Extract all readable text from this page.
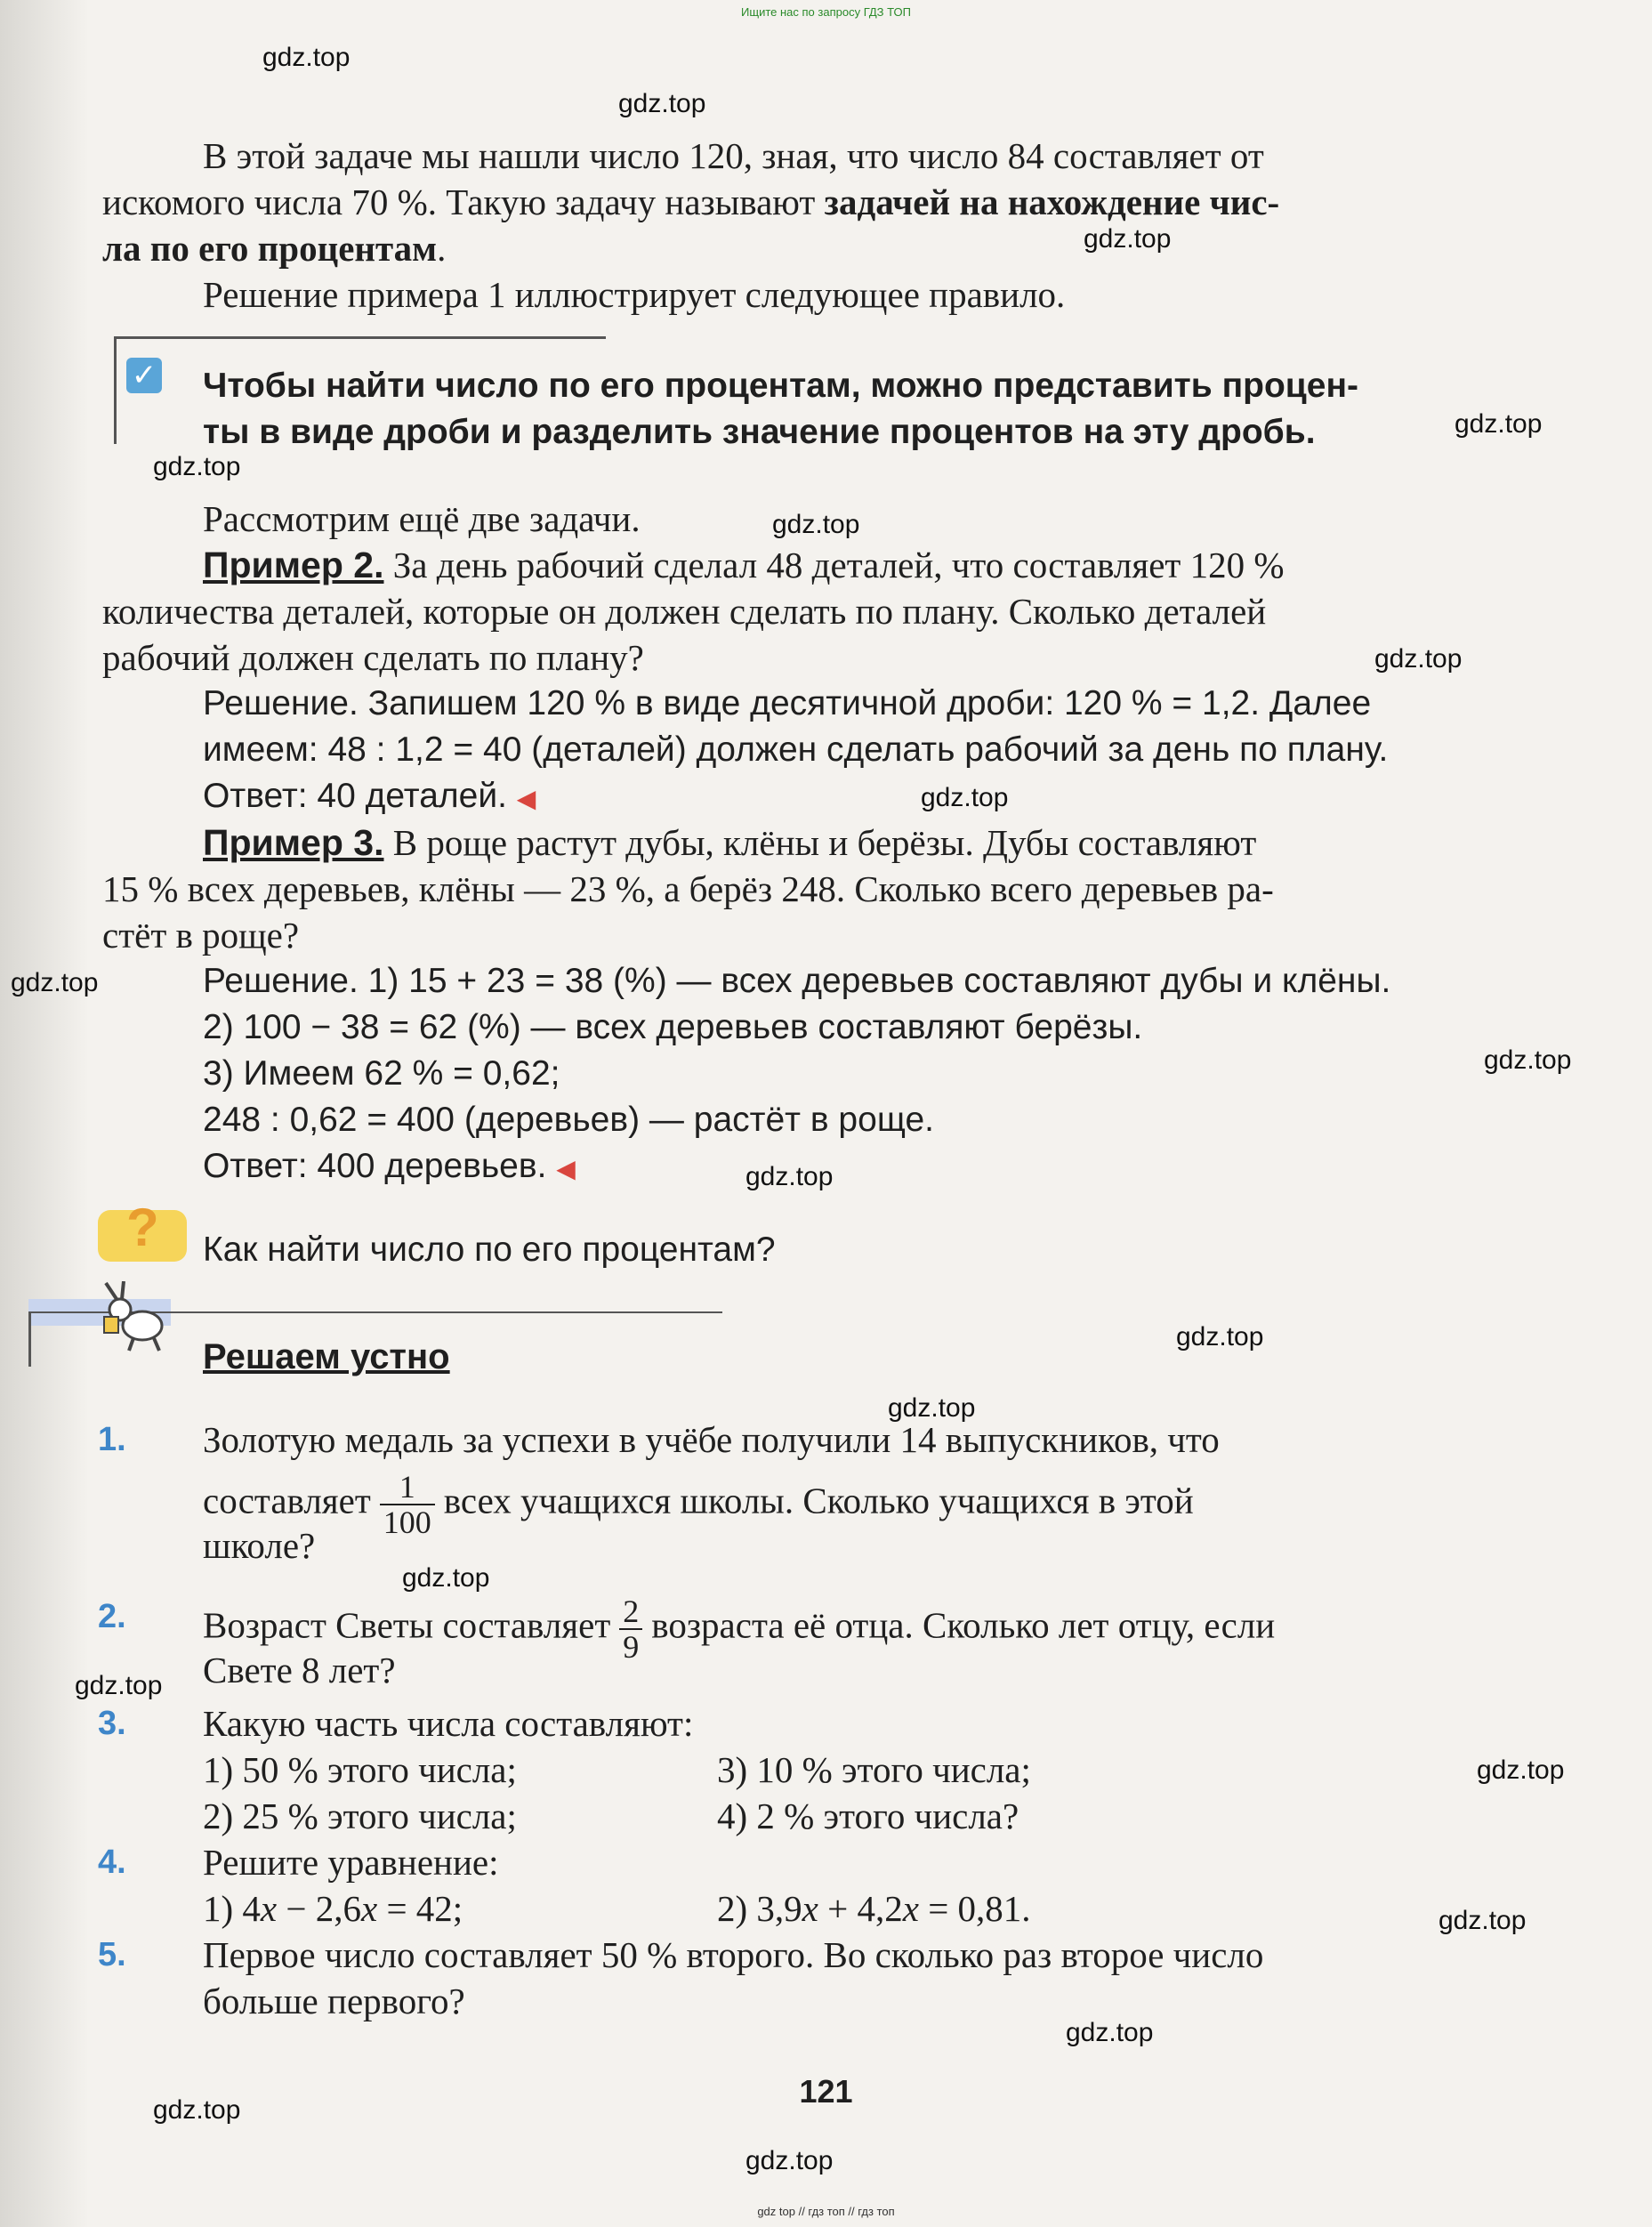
Ищите нас по запросу ГДЗ ТОП
gdz.top
gdz.top
gdz.top
gdz.top
gdz.top
gdz.top
gdz.top
gdz.top
gdz.top
gdz.top
gdz.top
gdz.top
gdz.top
gdz.top
gdz.top
gdz.top
gdz.top
gdz.top
gdz.top
gdz.top
В этой задаче мы нашли число 120, зная, что число 84 составляет от
искомого числа 70 %. Такую задачу называют задачей на нахождение чис-
ла по его процентам.
Решение примера 1 иллюстрирует следующее правило.
✓ Чтобы найти число по его процентам, можно представить процен-
ты в виде дроби и разделить значение процентов на эту дробь.
Рассмотрим ещё две задачи.
Пример 2. За день рабочий сделал 48 деталей, что составляет 120 %
количества деталей, которые он должен сделать по плану. Сколько деталей
рабочий должен сделать по плану?
Решение. Запишем 120 % в виде десятичной дроби: 120 % = 1,2. Далее
имеем: 48 : 1,2 = 40 (деталей) должен сделать рабочий за день по плану.
Ответ: 40 деталей. ◀
Пример 3. В роще растут дубы, клёны и берёзы. Дубы составляют
15 % всех деревьев, клёны — 23 %, а берёз 248. Сколько всего деревьев ра-
стёт в роще?
Решение. 1) 15 + 23 = 38 (%) — всех деревьев составляют дубы и клёны.
2) 100 − 38 = 62 (%) — всех деревьев составляют берёзы.
3) Имеем 62 % = 0,62;
248 : 0,62 = 400 (деревьев) — растёт в роще.
Ответ: 400 деревьев. ◀
? Как найти число по его процентам?
Решаем устно
1. Золотую медаль за успехи в учёбе получили 14 выпускников, что
составляет $\frac{1}{100}$ всех учащихся школы. Сколько учащихся в этой
школе?
2. Возраст Светы составляет $\frac{2}{9}$ возраста её отца. Сколько лет отцу, если
Свете 8 лет?
3. Какую часть числа составляют:
1) 50 % этого числа;	3) 10 % этого числа;
2) 25 % этого числа;	4) 2 % этого числа?
4. Решите уравнение:
1) 4x − 2,6x = 42;	2) 3,9x + 4,2x = 0,81.
5. Первое число составляет 50 % второго. Во сколько раз второе число
больше первого?
121
gdz top // гдз топ // гдз топ
